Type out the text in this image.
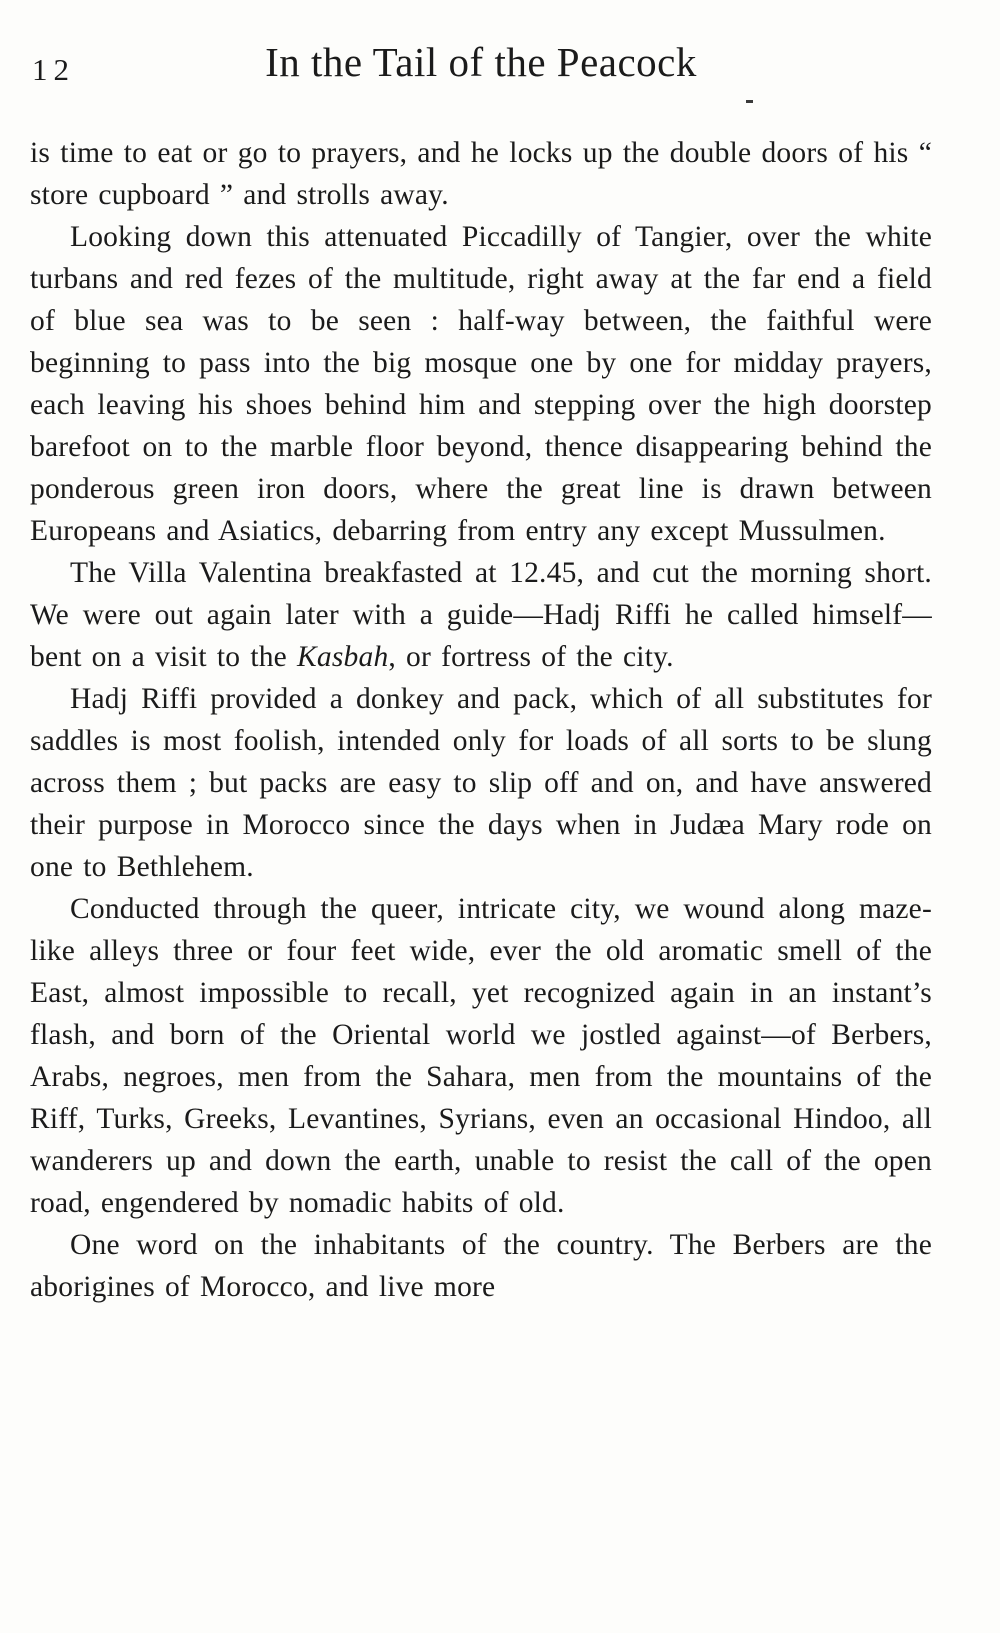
12	In the Tail of the Peacock

is time to eat or go to prayers, and he locks up the double doors of his “ store cupboard ” and strolls away.

Looking down this attenuated Piccadilly of Tangier, over the white turbans and red fezes of the multitude, right away at the far end a field of blue sea was to be seen : half-way between, the faithful were beginning to pass into the big mosque one by one for midday prayers, each leaving his shoes behind him and stepping over the high doorstep barefoot on to the marble floor beyond, thence disappearing behind the ponderous green iron doors, where the great line is drawn between Europeans and Asiatics, debarring from entry any except Mussulmen.

The Villa Valentina breakfasted at 12.45, and cut the morning short. We were out again later with a guide—Hadj Riffi he called himself—bent on a visit to the Kasbah, or fortress of the city.

Hadj Riffi provided a donkey and pack, which of all substitutes for saddles is most foolish, intended only for loads of all sorts to be slung across them ; but packs are easy to slip off and on, and have answered their purpose in Morocco since the days when in Judæa Mary rode on one to Bethlehem.

Conducted through the queer, intricate city, we wound along maze-like alleys three or four feet wide, ever the old aromatic smell of the East, almost impossible to recall, yet recognized again in an instant’s flash, and born of the Oriental world we jostled against—of Berbers, Arabs, negroes, men from the Sahara, men from the mountains of the Riff, Turks, Greeks, Levantines, Syrians, even an occasional Hindoo, all wanderers up and down the earth, unable to resist the call of the open road, engendered by nomadic habits of old.

One word on the inhabitants of the country. The Berbers are the aborigines of Morocco, and live more
